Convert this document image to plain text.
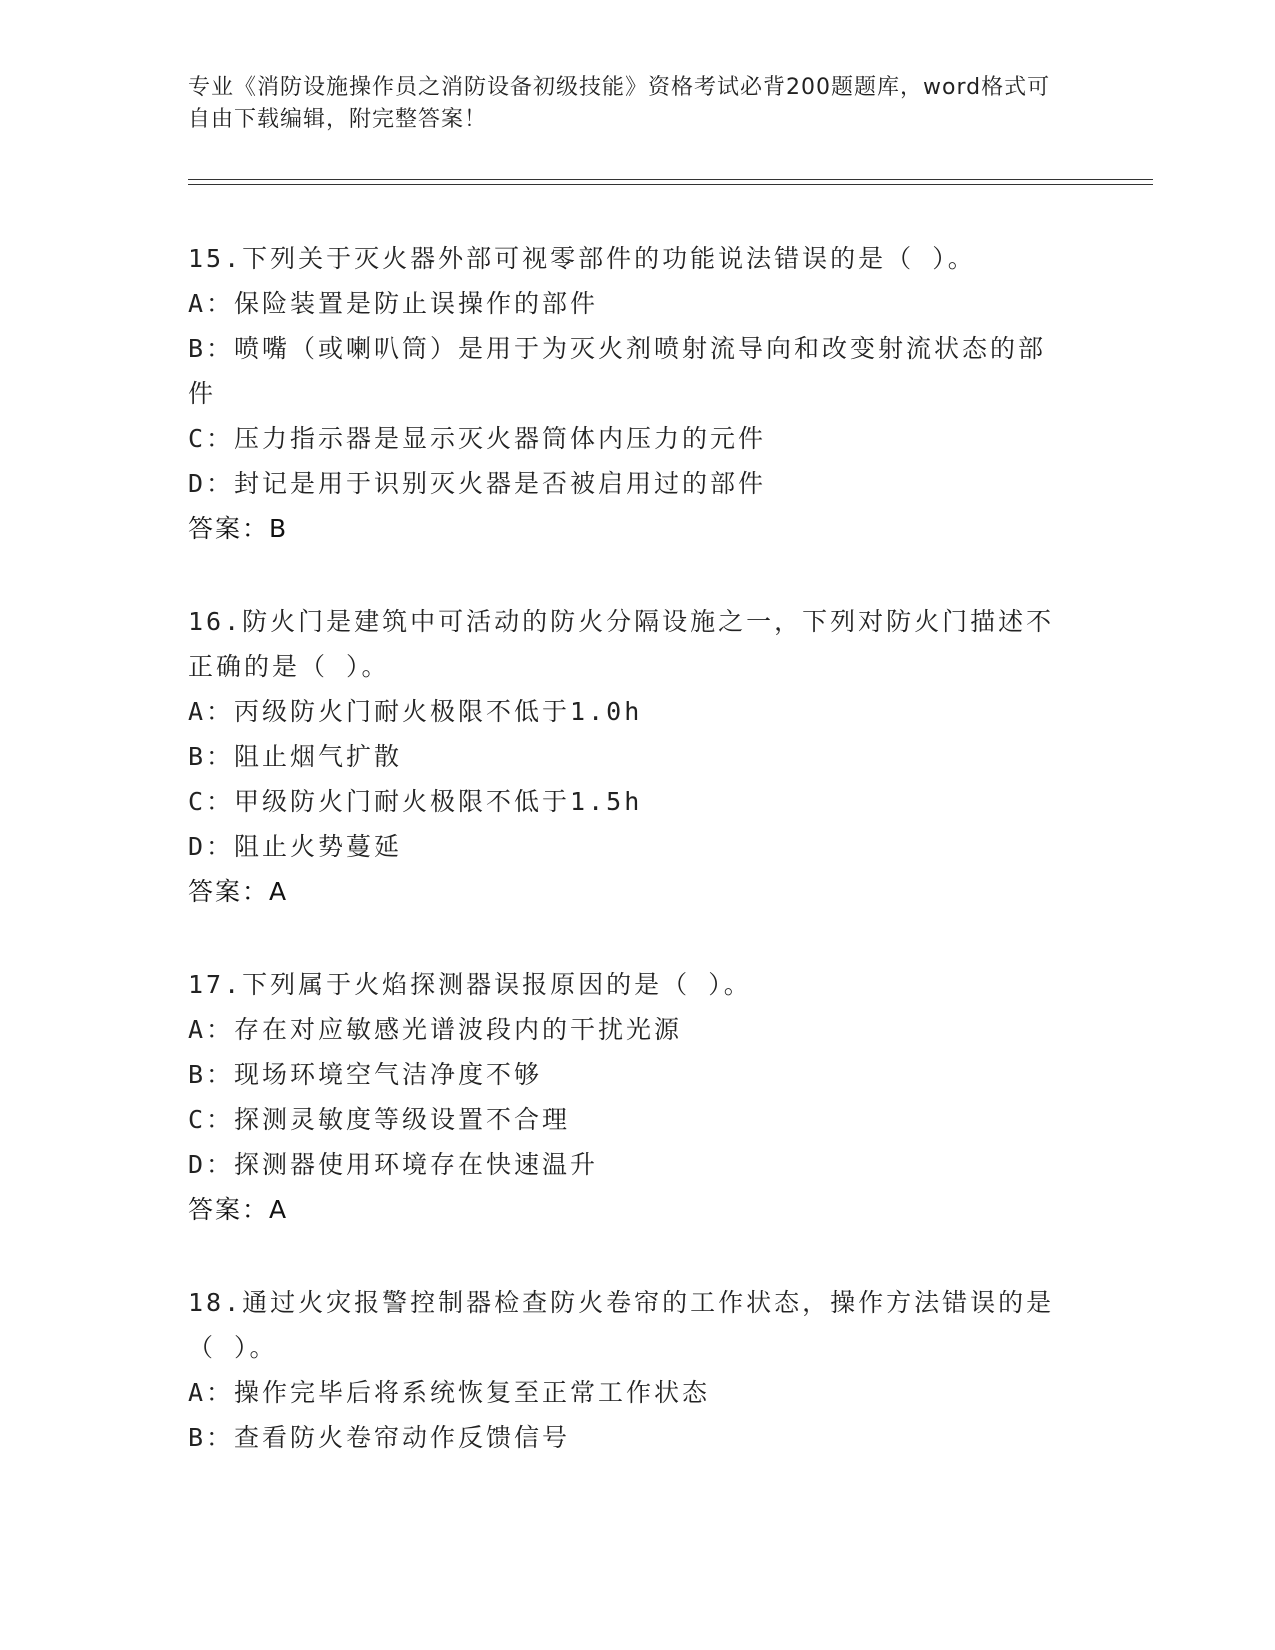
专业《消防设施操作员之消防设备初级技能》资格考试必背200题题库，word格式可自由下载编辑，附完整答案！
15.下列关于灭火器外部可视零部件的功能说法错误的是（ ）。
A：保险装置是防止误操作的部件
B：喷嘴（或喇叭筒）是用于为灭火剂喷射流导向和改变射流状态的部件
C：压力指示器是显示灭火器筒体内压力的元件
D：封记是用于识别灭火器是否被启用过的部件
答案：B
16.防火门是建筑中可活动的防火分隔设施之一，下列对防火门描述不正确的是（ ）。
A：丙级防火门耐火极限不低于1.0h
B：阻止烟气扩散
C：甲级防火门耐火极限不低于1.5h
D：阻止火势蔓延
答案：A
17.下列属于火焰探测器误报原因的是（ ）。
A：存在对应敏感光谱波段内的干扰光源
B：现场环境空气洁净度不够
C：探测灵敏度等级设置不合理
D：探测器使用环境存在快速温升
答案：A
18.通过火灾报警控制器检查防火卷帘的工作状态，操作方法错误的是（ ）。
A：操作完毕后将系统恢复至正常工作状态
B：查看防火卷帘动作反馈信号
